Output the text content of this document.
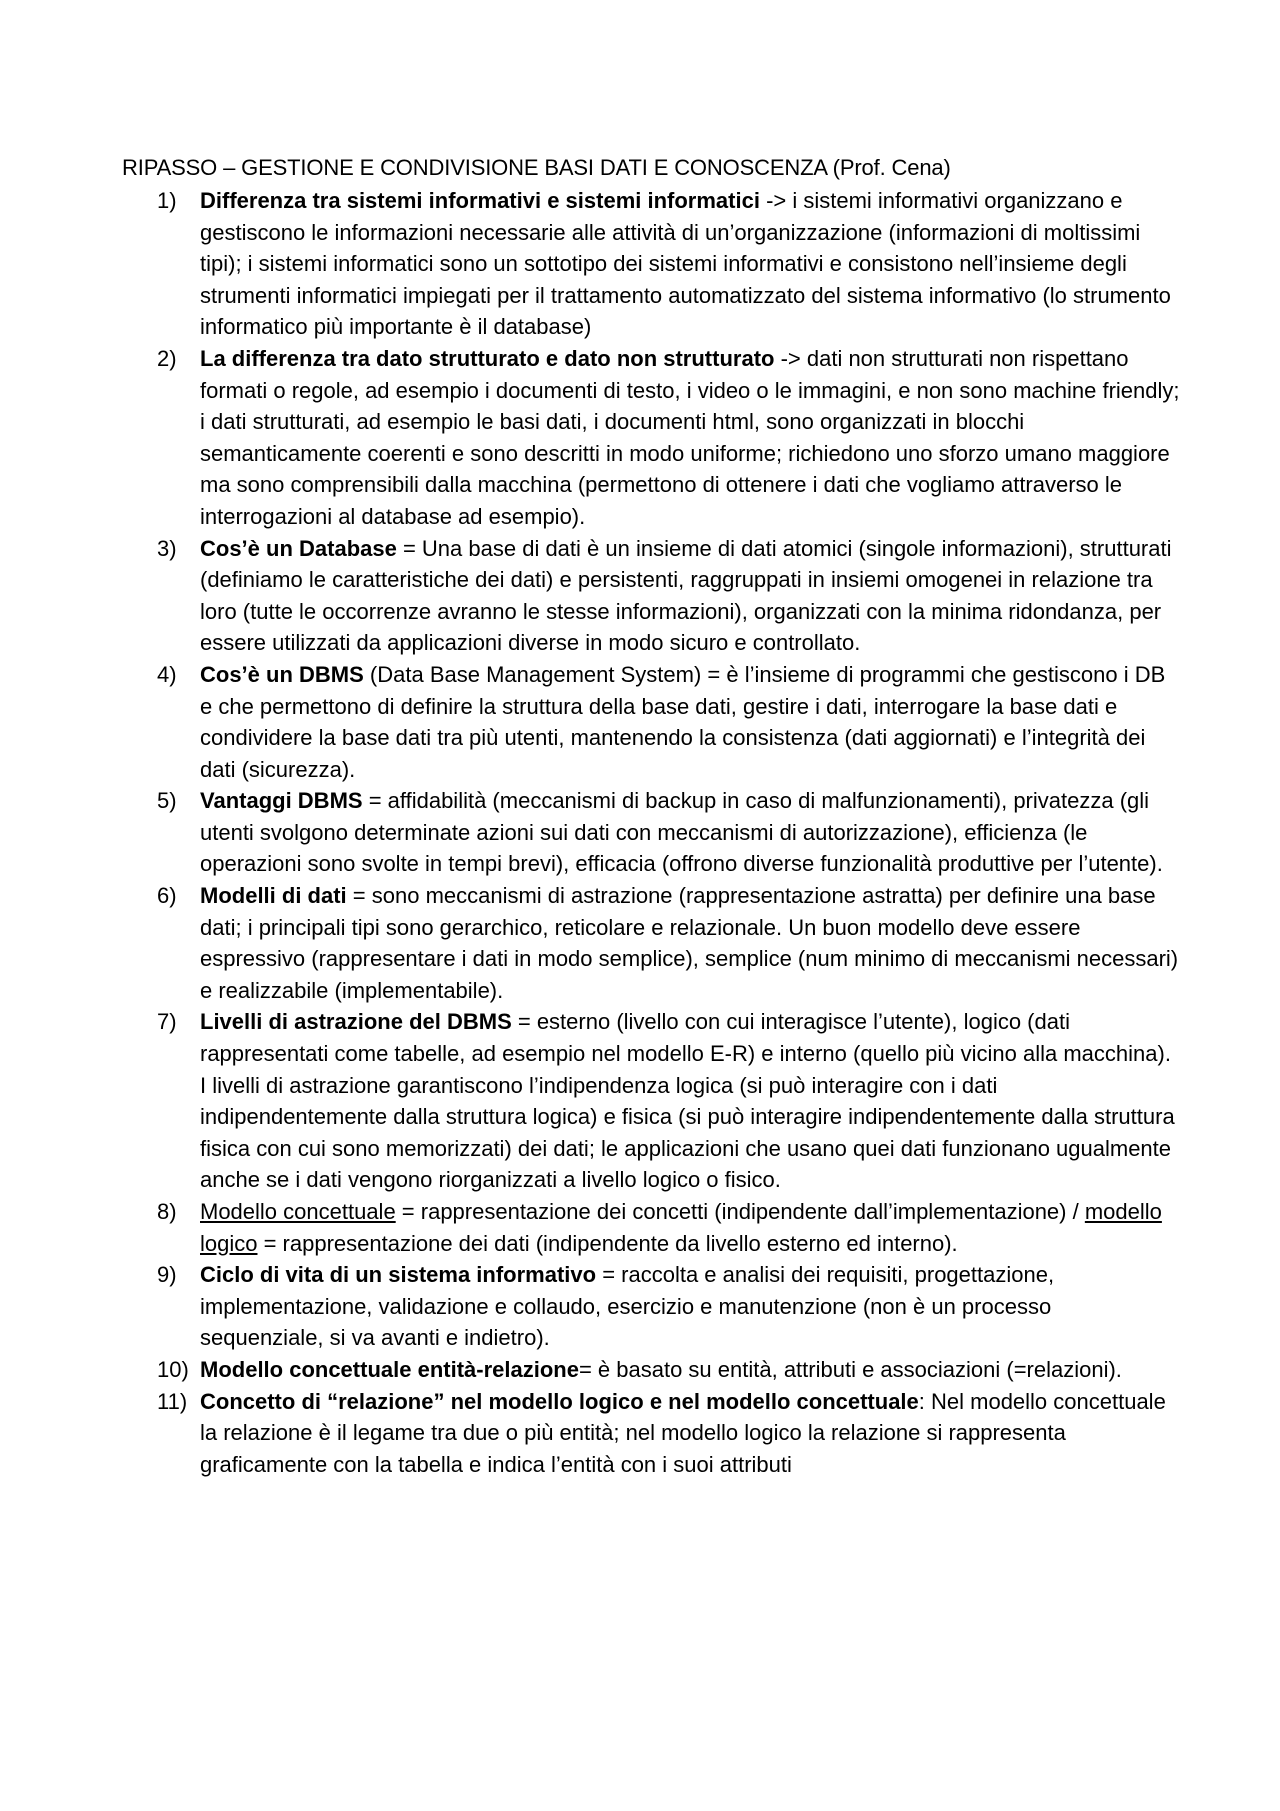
RIPASSO – GESTIONE E CONDIVISIONE BASI DATI E CONOSCENZA (Prof. Cena)
1) Differenza tra sistemi informativi e sistemi informatici -> i sistemi informativi organizzano e gestiscono le informazioni necessarie alle attività di un’organizzazione (informazioni di moltissimi tipi); i sistemi informatici sono un sottotipo dei sistemi informativi e consistono nell’insieme degli strumenti informatici impiegati per il trattamento automatizzato del sistema informativo (lo strumento informatico più importante è il database)
2) La differenza tra dato strutturato e dato non strutturato -> dati non strutturati non rispettano formati o regole, ad esempio i documenti di testo, i video o le immagini, e non sono machine friendly; i dati strutturati, ad esempio le basi dati, i documenti html, sono organizzati in blocchi semanticamente coerenti e sono descritti in modo uniforme; richiedono uno sforzo umano maggiore ma sono comprensibili dalla macchina (permettono di ottenere i dati che vogliamo attraverso le interrogazioni al database ad esempio).
3) Cos’è un Database = Una base di dati è un insieme di dati atomici (singole informazioni), strutturati (definiamo le caratteristiche dei dati) e persistenti, raggruppati in insiemi omogenei in relazione tra loro (tutte le occorrenze avranno le stesse informazioni), organizzati con la minima ridondanza, per essere utilizzati da applicazioni diverse in modo sicuro e controllato.
4) Cos’è un DBMS (Data Base Management System) = è l’insieme di programmi che gestiscono i DB e che permettono di definire la struttura della base dati, gestire i dati, interrogare la base dati e condividere la base dati tra più utenti, mantenendo la consistenza (dati aggiornati) e l’integrità dei dati (sicurezza).
5) Vantaggi DBMS = affidabilità (meccanismi di backup in caso di malfunzionamenti), privatezza (gli utenti svolgono determinate azioni sui dati con meccanismi di autorizzazione), efficienza (le operazioni sono svolte in tempi brevi), efficacia (offrono diverse funzionalità produttive per l’utente).
6) Modelli di dati = sono meccanismi di astrazione (rappresentazione astratta) per definire una base dati; i principali tipi sono gerarchico, reticolare e relazionale. Un buon modello deve essere espressivo (rappresentare i dati in modo semplice), semplice (num minimo di meccanismi necessari) e realizzabile (implementabile).
7) Livelli di astrazione del DBMS = esterno (livello con cui interagisce l’utente), logico (dati rappresentati come tabelle, ad esempio nel modello E-R) e interno (quello più vicino alla macchina). I livelli di astrazione garantiscono l’indipendenza logica (si può interagire con i dati indipendentemente dalla struttura logica) e fisica (si può interagire indipendentemente dalla struttura fisica con cui sono memorizzati) dei dati; le applicazioni che usano quei dati funzionano ugualmente anche se i dati vengono riorganizzati a livello logico o fisico.
8) Modello concettuale = rappresentazione dei concetti (indipendente dall’implementazione) / modello logico = rappresentazione dei dati (indipendente da livello esterno ed interno).
9) Ciclo di vita di un sistema informativo = raccolta e analisi dei requisiti, progettazione, implementazione, validazione e collaudo, esercizio e manutenzione (non è un processo sequenziale, si va avanti e indietro).
10) Modello concettuale entità-relazione= è basato su entità, attributi e associazioni (=relazioni).
11) Concetto di “relazione” nel modello logico e nel modello concettuale: Nel modello concettuale la relazione è il legame tra due o più entità; nel modello logico la relazione si rappresenta graficamente con la tabella e indica l’entità con i suoi attributi
